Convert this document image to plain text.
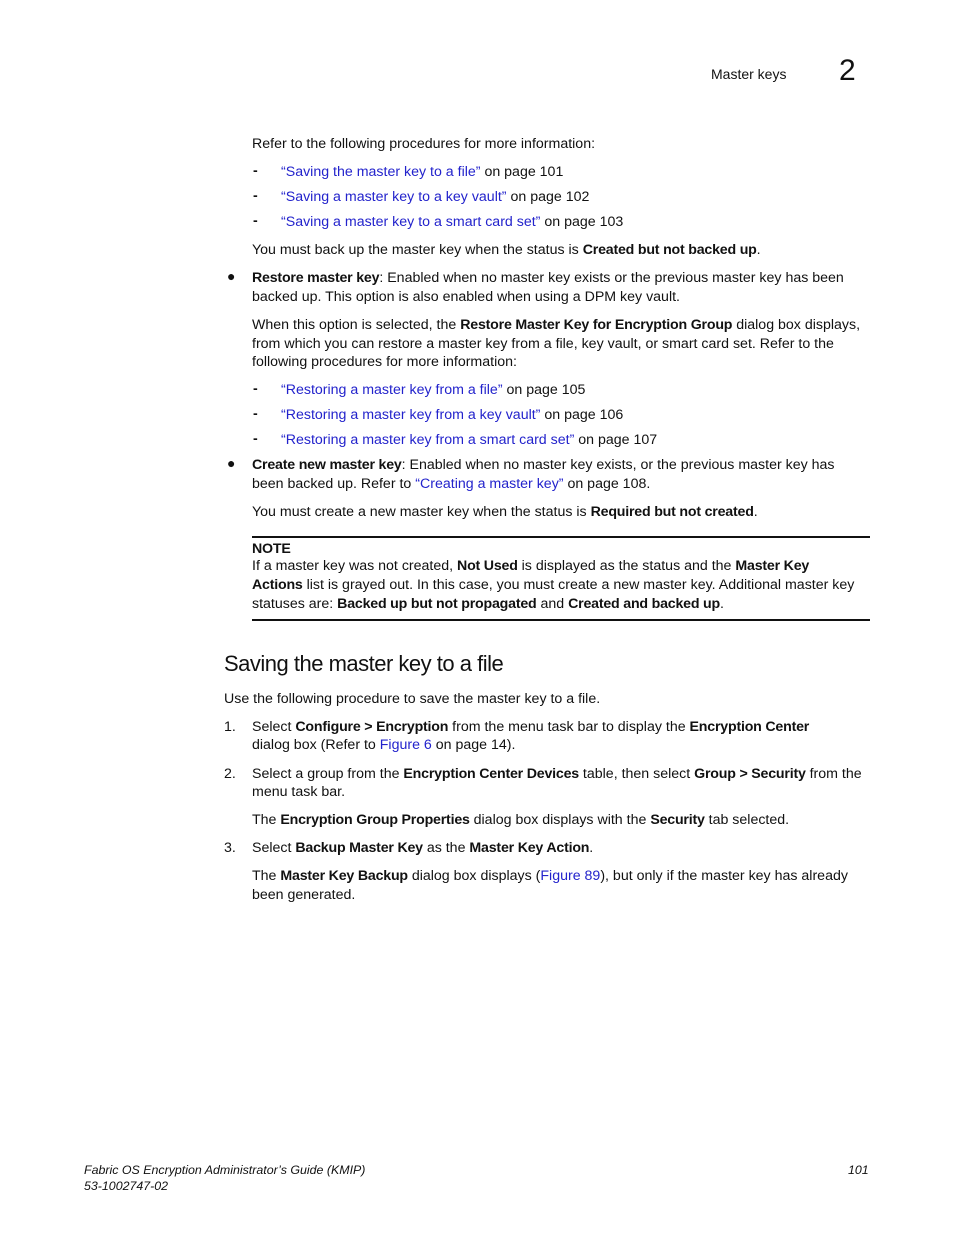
Master keys 2
Refer to the following procedures for more information:
- “Saving the master key to a file” on page 101
- “Saving a master key to a key vault” on page 102
- “Saving a master key to a smart card set” on page 103
You must back up the master key when the status is Created but not backed up.
● Restore master key: Enabled when no master key exists or the previous master key has been
backed up. This option is also enabled when using a DPM key vault.
When this option is selected, the Restore Master Key for Encryption Group dialog box displays,
from which you can restore a master key from a file, key vault, or smart card set. Refer to the
following procedures for more information:
- “Restoring a master key from a file” on page 105
- “Restoring a master key from a key vault” on page 106
- “Restoring a master key from a smart card set” on page 107
● Create new master key: Enabled when no master key exists, or the previous master key has
been backed up. Refer to “Creating a master key” on page 108.
You must create a new master key when the status is Required but not created.
NOTE
If a master key was not created, Not Used is displayed as the status and the Master Key
Actions list is grayed out. In this case, you must create a new master key. Additional master key
statuses are: Backed up but not propagated and Created and backed up.
Saving the master key to a file
Use the following procedure to save the master key to a file.
1. Select Configure > Encryption from the menu task bar to display the Encryption Center
dialog box (Refer to Figure 6 on page 14).
2. Select a group from the Encryption Center Devices table, then select Group > Security from the
menu task bar.
The Encryption Group Properties dialog box displays with the Security tab selected.
3. Select Backup Master Key as the Master Key Action.
The Master Key Backup dialog box displays (Figure 89), but only if the master key has already
been generated.
Fabric OS Encryption Administrator’s Guide (KMIP)
53-1002747-02
101
